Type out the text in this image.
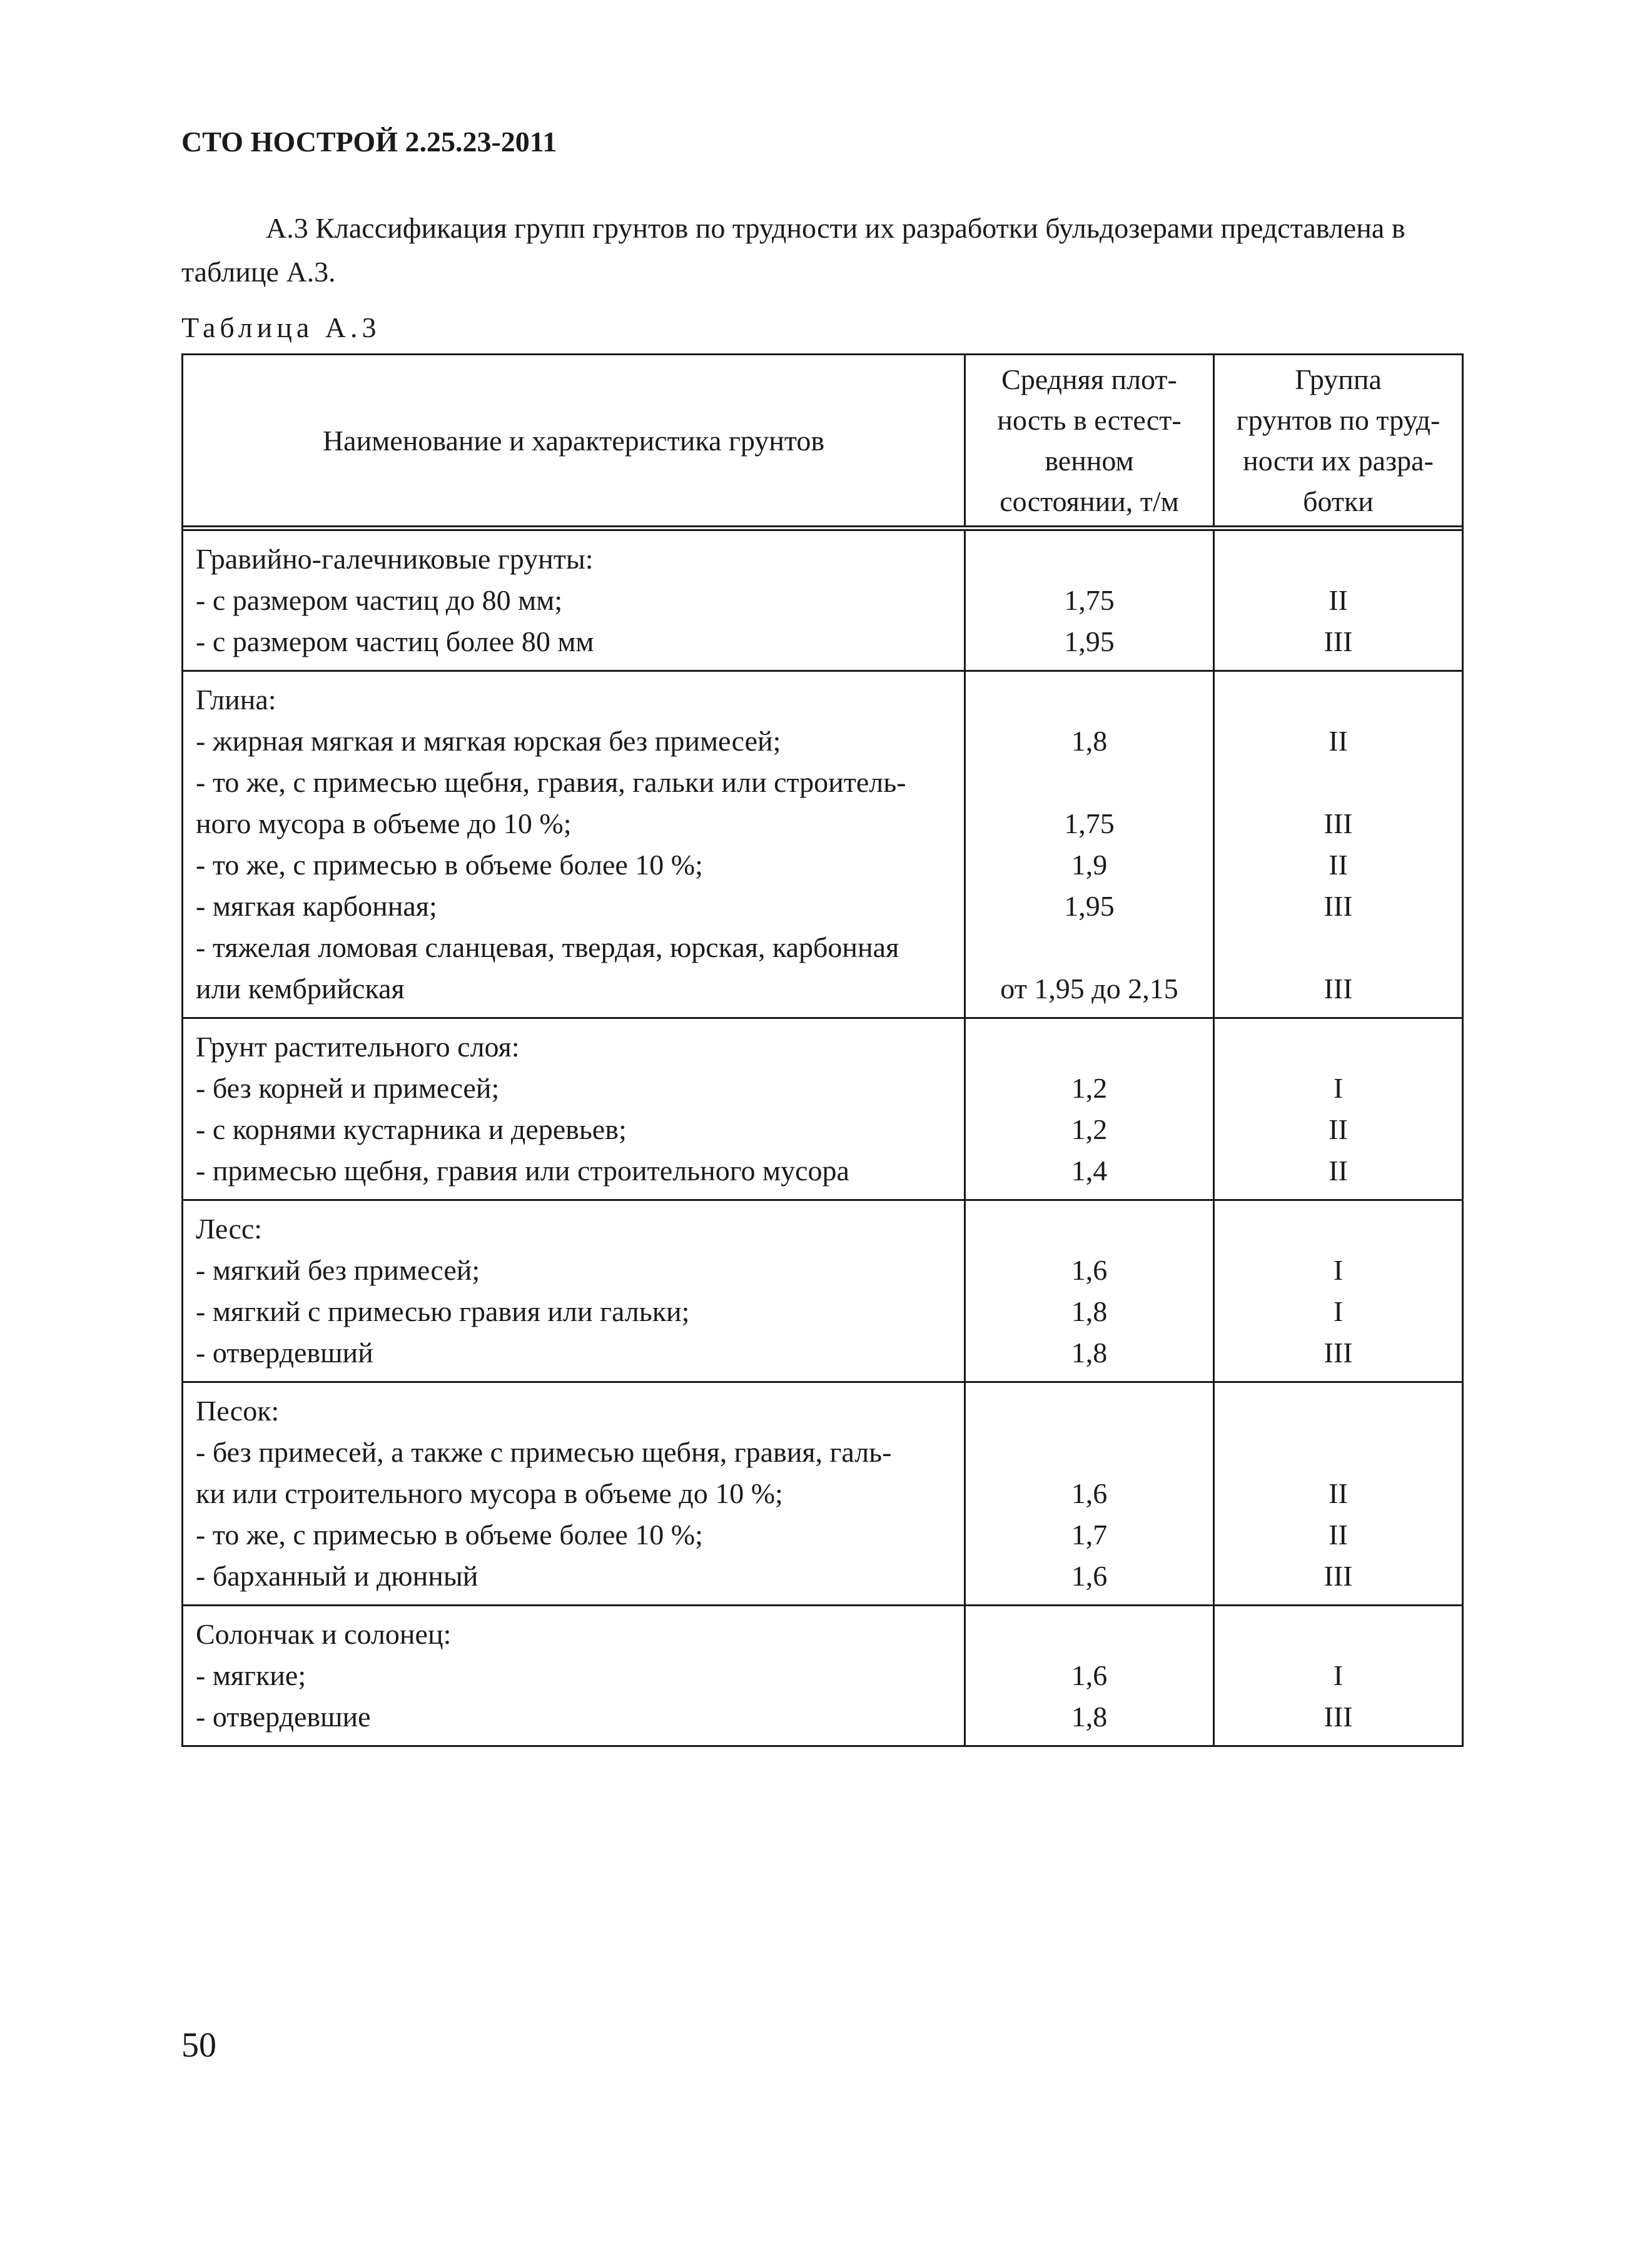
СТО НОСТРОЙ 2.25.23-2011

А.3 Классификация групп грунтов по трудности их разработки бульдозерами представлена в таблице А.3.

Таблица А.3

Наименование и характеристика грунтов
Средняя плот-
ность в естест-
венном
состоянии, т/м
Группа
грунтов по труд-
ности их разра-
ботки
Гравийно-галечниковые грунты:
- с размером частиц до 80 мм;
- с размером частиц более 80 мм
1,75
1,95
II
III
Глина:
- жирная мягкая и мягкая юрская без примесей;
- то же, с примесью щебня, гравия, гальки или строитель-
ного мусора в объеме до 10 %;
- то же, с примесью в объеме более 10 %;
- мягкая карбонная;
- тяжелая ломовая сланцевая, твердая, юрская, карбонная
или кембрийская
1,8
1,75
1,9
1,95
от 1,95 до 2,15
II
III
II
III
III
Грунт растительного слоя:
- без корней и примесей;
- с корнями кустарника и деревьев;
- примесью щебня, гравия или строительного мусора
1,2
1,2
1,4
I
II
II
Лесс:
- мягкий без примесей;
- мягкий с примесью гравия или гальки;
- отвердевший
1,6
1,8
1,8
I
I
III
Песок:
- без примесей, а также с примесью щебня, гравия, галь-
ки или строительного мусора в объеме до 10 %;
- то же, с примесью в объеме более 10 %;
- барханный и дюнный
1,6
1,7
1,6
II
II
III
Солончак и солонец:
- мягкие;
- отвердевшие
1,6
1,8
I
III

50
